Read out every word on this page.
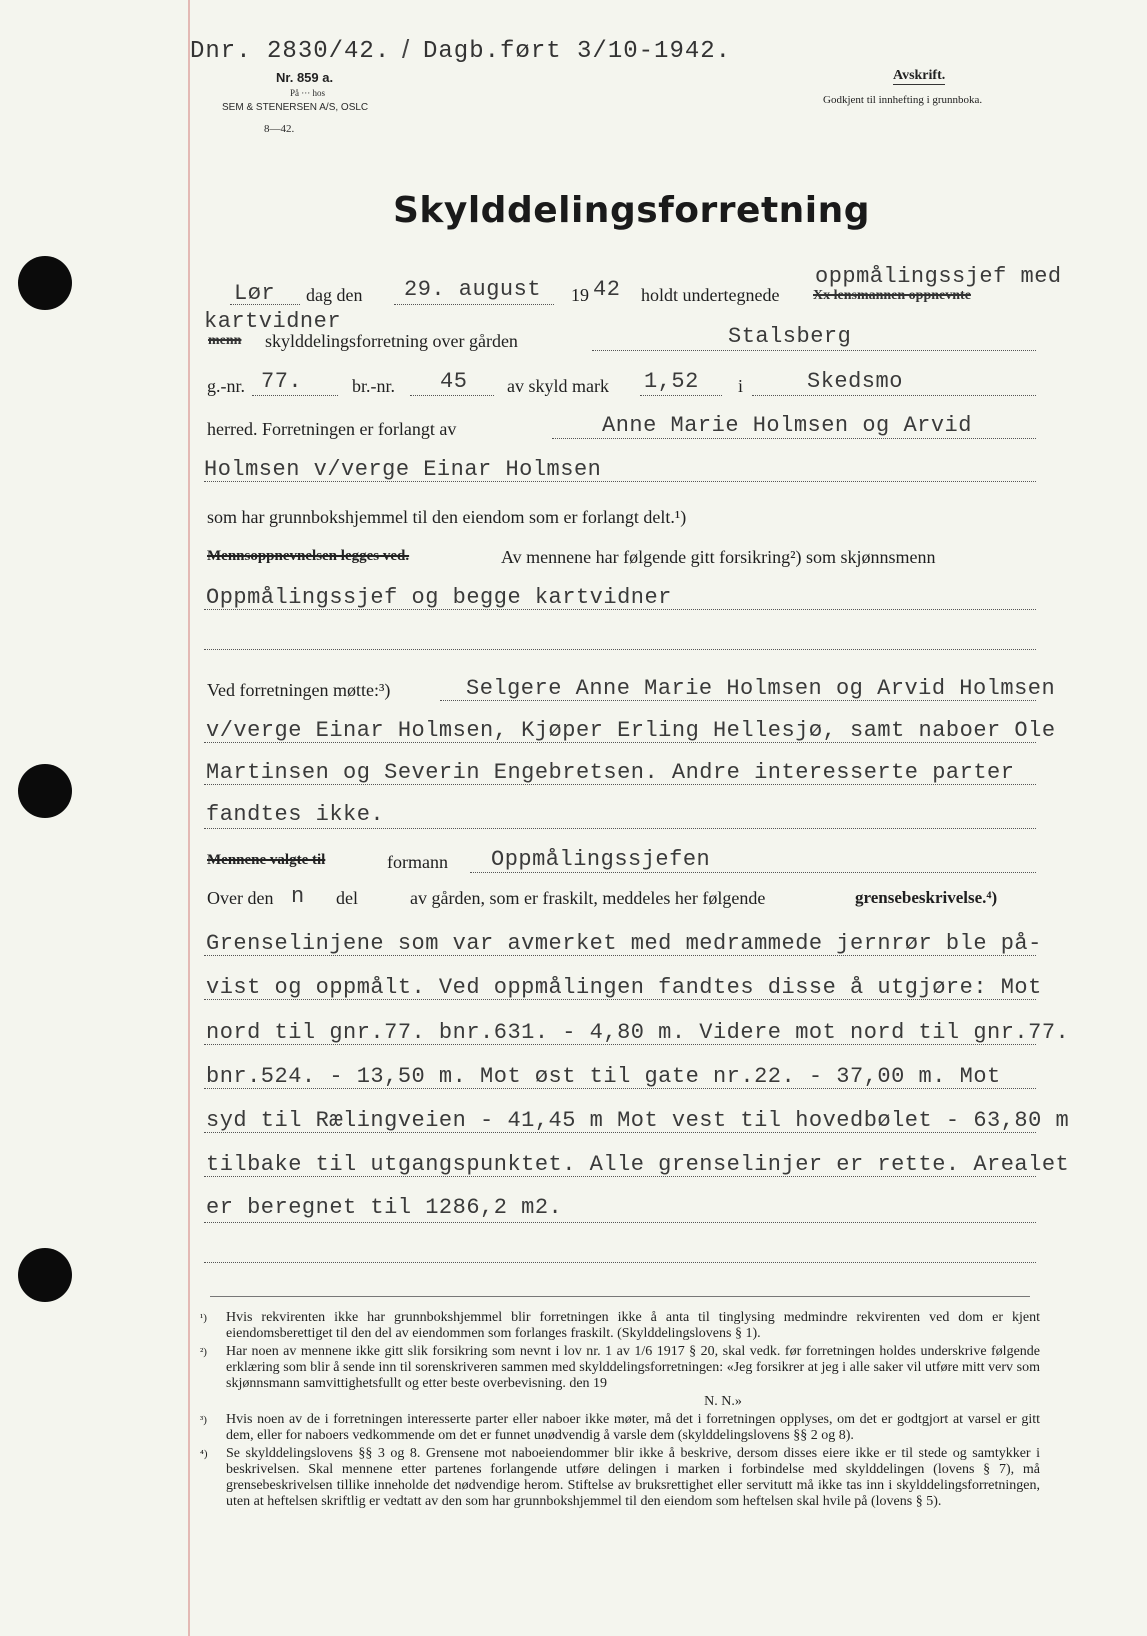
Dnr. 2830/42. / Dagb.ført 3/10-1942.
Nr. 859 a.
På ··· hos
SEM & STENERSEN A/S, OSLC
8—42.
Avskrift.
Godkjent til innhefting i grunnboka.
Skylddelingsforretning
Lør dag den 29. august 19 42 holdt undertegnede
oppmålingssjef med
Xx lensmannen oppnevnte
kartvidner
menn skylddelingsforretning over gården	Stalsberg
g.-nr. 77.	br.-nr. 45 av skyld mark 1,52 i	Skedsmo
herred. Forretningen er forlangt av	Anne Marie Holmsen og Arvid
Holmsen v/verge Einar Holmsen
som har grunnbokshjemmel til den eiendom som er forlangt delt.¹)
Mennsoppnevnelsen legges ved.	Av mennene har følgende gitt forsikring²) som skjønnsmenn
Oppmålingssjef og begge kartvidner
Ved forretningen møtte:³)	Selgere Anne Marie Holmsen og Arvid Holmsen
v/verge Einar Holmsen, Kjøper Erling Hellesjø, samt naboer Ole
Martinsen og Severin Engebretsen. Andre interesserte parter
fandtes ikke.
Mennene valgte til	formann Oppmålingssjefen
Over den n del	av gården, som er fraskilt, meddeles her følgende	grensebeskrivelse.⁴)
Grenselinjene som var avmerket med medrammede jernrør ble på-
vist og oppmålt. Ved oppmålingen fandtes disse å utgjøre: Mot
nord til gnr.77. bnr.631. - 4,80 m. Videre mot nord til gnr.77.
bnr.524. - 13,50 m. Mot øst til gate nr.22. - 37,00 m. Mot
syd til Rælingveien - 41,45 m Mot vest til hovedbølet - 63,80 m
tilbake til utgangspunktet. Alle grenselinjer er rette. Arealet
er beregnet til 1286,2 m2.
¹) Hvis rekvirenten ikke har grunnbokshjemmel blir forretningen ikke å anta til tinglysing medmindre rekvirenten ved dom er kjent eiendomsberettiget til den del av eiendommen som forlanges fraskilt. (Skylddelingslovens § 1).
²) Har noen av mennene ikke gitt slik forsikring som nevnt i lov nr. 1 av 1/6 1917 § 20, skal vedk. før forretningen holdes underskrive følgende erklæring som blir å sende inn til sorenskriveren sammen med skylddelingsforretningen: «Jeg forsikrer at jeg i alle saker vil utføre mitt verv som skjønnsmann samvittighetsfullt og etter beste overbevisning. den 19
N. N.»
³) Hvis noen av de i forretningen interesserte parter eller naboer ikke møter, må det i forretningen opplyses, om det er godtgjort at varsel er gitt dem, eller for naboers vedkommende om det er funnet unødvendig å varsle dem (skylddelingslovens §§ 2 og 8).
⁴) Se skylddelingslovens §§ 3 og 8. Grensene mot naboeiendommer blir ikke å beskrive, dersom disses eiere ikke er til stede og samtykker i beskrivelsen. Skal mennene etter partenes forlangende utføre delingen i marken i forbindelse med skylddelingen (lovens § 7), må grensebeskrivelsen tillike inneholde det nødvendige herom. Stiftelse av bruksrettighet eller servitutt må ikke tas inn i skylddelingsforretningen, uten at heftelsen skriftlig er vedtatt av den som har grunnbokshjemmel til den eiendom som heftelsen skal hvile på (lovens § 5).
